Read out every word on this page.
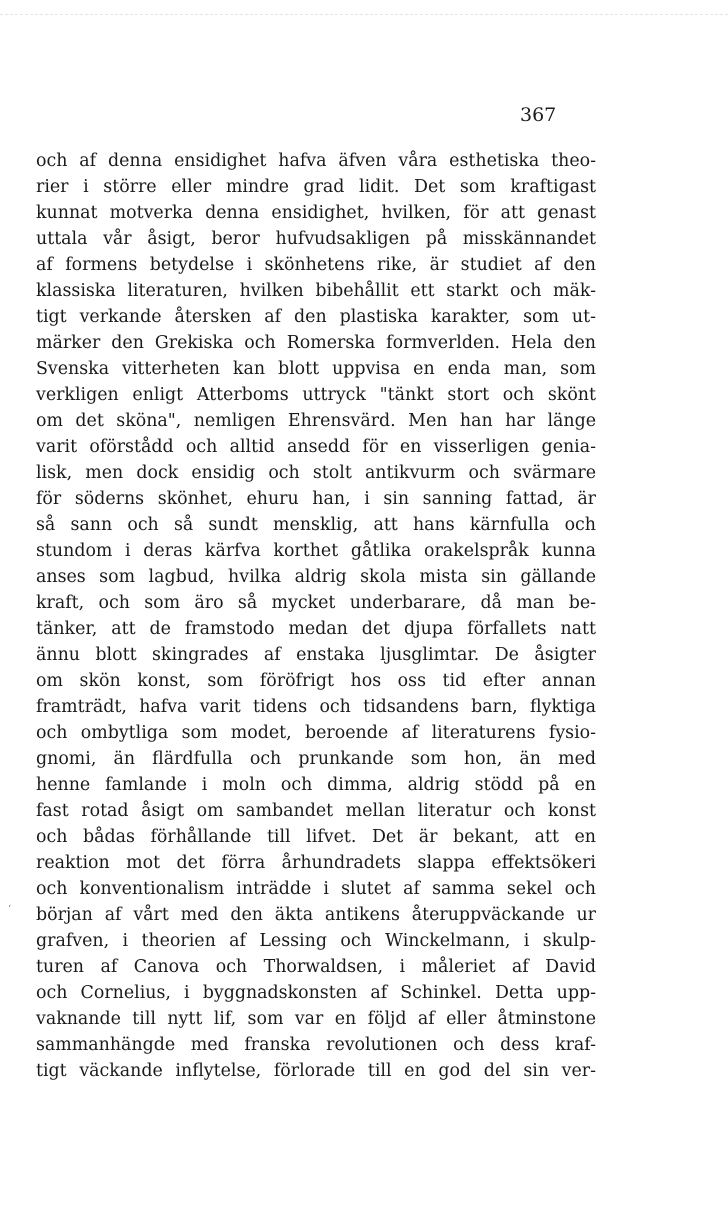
367
och af denna ensidighet hafva äfven våra esthetiska theo-
rier i större eller mindre grad lidit. Det som kraftigast
kunnat motverka denna ensidighet, hvilken, för att genast
uttala vår åsigt, beror hufvudsakligen på misskännandet
af formens betydelse i skönhetens rike, är studiet af den
klassiska literaturen, hvilken bibehållit ett starkt och mäk-
tigt verkande återsken af den plastiska karakter, som ut-
märker den Grekiska och Romerska formverlden. Hela den
Svenska vitterheten kan blott uppvisa en enda man, som
verkligen enligt Atterboms uttryck "tänkt stort och skönt
om det sköna", nemligen Ehrensvärd. Men han har länge
varit oförstådd och alltid ansedd för en visserligen genia-
lisk, men dock ensidig och stolt antikvurm och svärmare
för söderns skönhet, ehuru han, i sin sanning fattad, är
så sann och så sundt mensklig, att hans kärnfulla och
stundom i deras kärfva korthet gåtlika orakelspråk kunna
anses som lagbud, hvilka aldrig skola mista sin gällande
kraft, och som äro så mycket underbarare, då man be-
tänker, att de framstodo medan det djupa förfallets natt
ännu blott skingrades af enstaka ljusglimtar. De åsigter
om skön konst, som föröfrigt hos oss tid efter annan
framträdt, hafva varit tidens och tidsandens barn, flyktiga
och ombytliga som modet, beroende af literaturens fysio-
gnomi, än flärdfulla och prunkande som hon, än med
henne famlande i moln och dimma, aldrig stödd på en
fast rotad åsigt om sambandet mellan literatur och konst
och bådas förhållande till lifvet. Det är bekant, att en
reaktion mot det förra århundradets slappa effektsökeri
och konventionalism inträdde i slutet af samma sekel och
början af vårt med den äkta antikens återuppväckande ur
grafven, i theorien af Lessing och Winckelmann, i skulp-
turen af Canova och Thorwaldsen, i måleriet af David
och Cornelius, i byggnadskonsten af Schinkel. Detta upp-
vaknande till nytt lif, som var en följd af eller åtminstone
sammanhängde med franska revolutionen och dess kraf-
tigt väckande inflytelse, förlorade till en god del sin ver-
‘
